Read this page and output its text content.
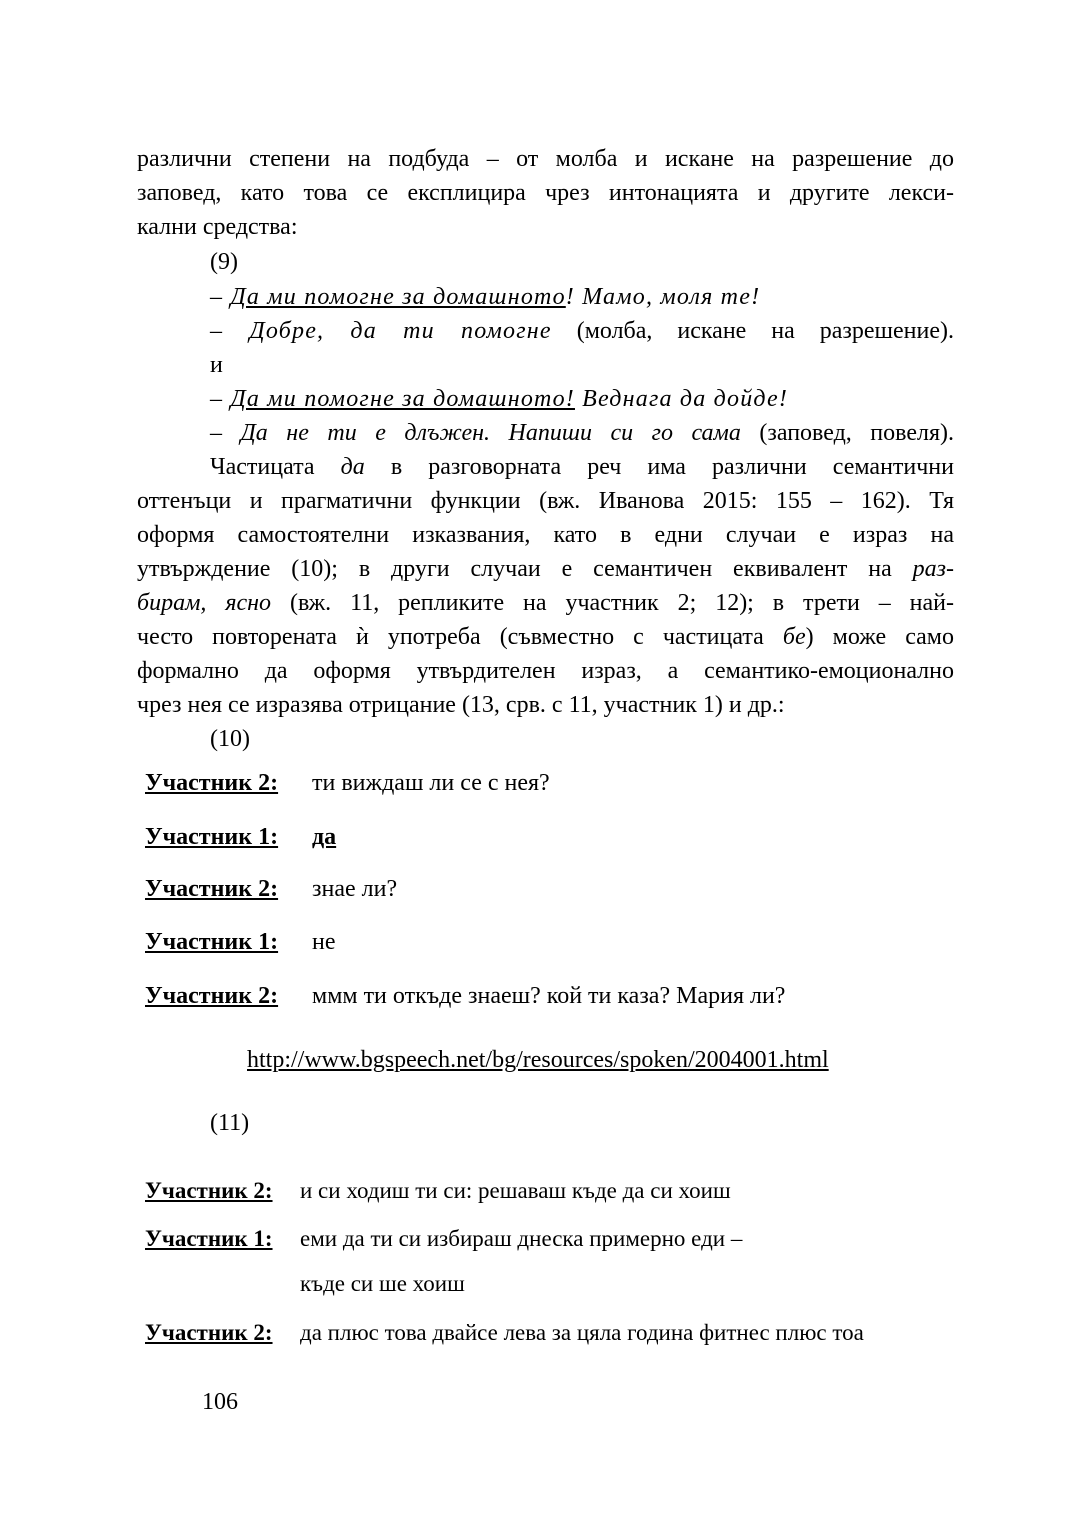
различни степени на подбуда – от молба и искане на разрешение до
заповед, като това се експлицира чрез интонацията и другите лекси-
кални средства:
(9)
– Да ми помогне за домашното! Мамо, моля те!
– Добре, да ти помогне (молба, искане на разрешение).
и
– Да ми помогне за домашното! Веднага да дойде!
– Да не ти е длъжен. Напиши си го сама (заповед, повеля).
Частицата да в разговорната реч има различни семантични
оттенъци и прагматични функции (вж. Иванова 2015: 155 – 162). Тя
оформя самостоятелни изказвания, като в едни случаи е израз на
утвърждение (10); в други случаи е семантичен еквивалент на раз-
бирам, ясно (вж. 11, репликите на участник 2; 12); в трети – най-
често повторената ѝ употреба (съвместно с частицата бе) може само
формално да оформя утвърдителен израз, а семантико-емоционално
чрез нея се изразява отрицание (13, срв. с 11, участник 1) и др.:
(10)
Участник 2: ти виждаш ли се с нея?
Участник 1: да
Участник 2: знае ли?
Участник 1: не
Участник 2: ммм ти откъде знаеш? кой ти каза? Мария ли?
http://www.bgspeech.net/bg/resources/spoken/2004001.html
(11)
Участник 2: и си ходиш ти си: решаваш къде да си хоиш
Участник 1: еми да ти си избираш днеска примерно еди –
къде си ше хоиш
Участник 2: да плюс това двайсе лева за цяла година фитнес плюс тоа
106
